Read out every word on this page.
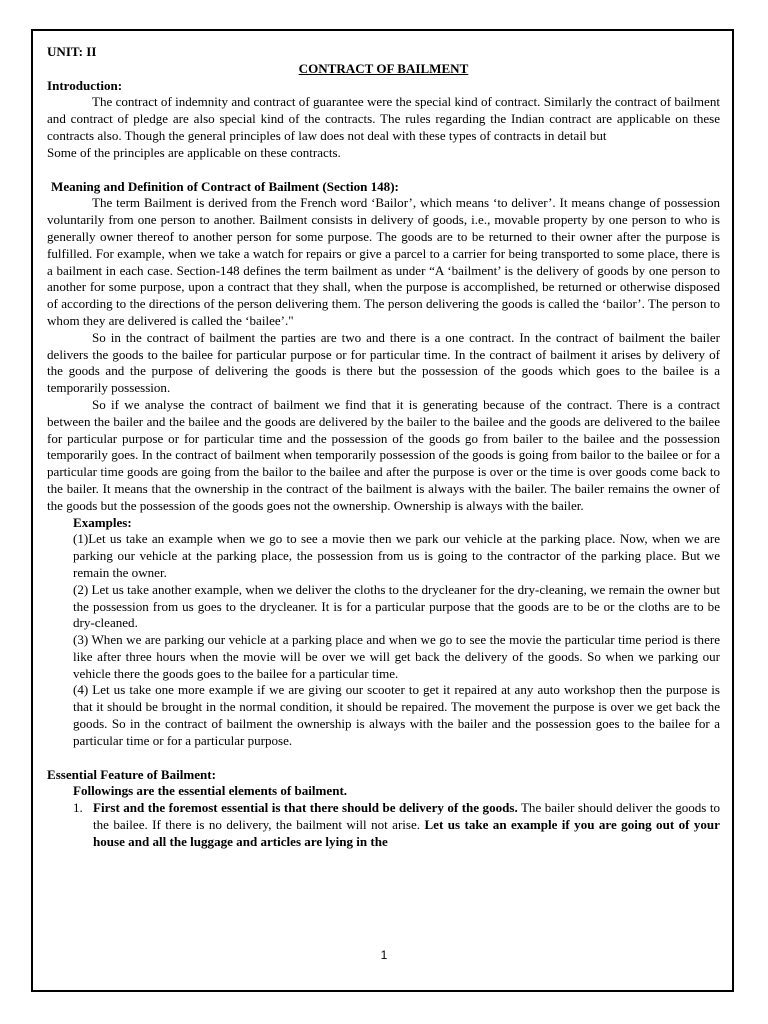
UNIT: II

CONTRACT OF BAILMENT

Introduction:

The contract of indemnity and contract of guarantee were the special kind of contract. Similarly the contract of bailment and contract of pledge are also special kind of the contracts. The rules regarding the Indian contract are applicable on these contracts also. Though the general principles of law does not deal with these types of contracts in detail but

Some of the principles are applicable on these contracts.

Meaning and Definition of Contract of Bailment (Section 148):

The term Bailment is derived from the French word ‘Bailor’, which means ‘to deliver’. It means change of possession voluntarily from one person to another. Bailment consists in delivery of goods, i.e., movable property by one person to who is generally owner thereof to another person for some purpose. The goods are to be returned to their owner after the purpose is fulfilled. For example, when we take a watch for repairs or give a parcel to a carrier for being transported to some place, there is a bailment in each case. Section-148 defines the term bailment as under “A ‘bailment’ is the delivery of goods by one person to another for some purpose, upon a contract that they shall, when the purpose is accomplished, be returned or otherwise disposed of according to the directions of the person delivering them. The person delivering the goods is called the ‘bailor’. The person to whom they are delivered is called the ‘bailee’."

So in the contract of bailment the parties are two and there is a one contract. In the contract of bailment the bailer delivers the goods to the bailee for particular purpose or for particular time. In the contract of bailment it arises by delivery of the goods and the purpose of delivering the goods is there but the possession of the goods which goes to the bailee is a temporarily possession.

So if we analyse the contract of bailment we find that it is generating because of the contract. There is a contract between the bailer and the bailee and the goods are delivered by the bailer to the bailee and the goods are delivered to the bailee for particular purpose or for particular time and the possession of the goods go from bailer to the bailee and the possession temporarily goes. In the contract of bailment when temporarily possession of the goods is going from bailor to the bailee or for a particular time goods are going from the bailor to the bailee and after the purpose is over or the time is over goods come back to the bailer. It means that the ownership in the contract of the bailment is always with the bailer. The bailer remains the owner of the goods but the possession of the goods goes not the ownership. Ownership is always with the bailer.

Examples:

(1)Let us take an example when we go to see a movie then we park our vehicle at the parking place. Now, when we are parking our vehicle at the parking place, the possession from us is going to the contractor of the parking place. But we remain the owner.

(2) Let us take another example, when we deliver the cloths to the drycleaner for the dry-cleaning, we remain the owner but the possession from us goes to the drycleaner. It is for a particular purpose that the goods are to be or the cloths are to be dry-cleaned.

(3) When we are parking our vehicle at a parking place and when we go to see the movie the particular time period is there like after three hours when the movie will be over we will get back the delivery of the goods. So when we parking our vehicle there the goods goes to the bailee for a particular time.

(4) Let us take one more example if we are giving our scooter to get it repaired at any auto workshop then the purpose is that it should be brought in the normal condition, it should be repaired. The movement the purpose is over we get back the goods. So in the contract of bailment the ownership is always with the bailer and the possession goes to the bailee for a particular time or for a particular purpose.

Essential Feature of Bailment:

Followings are the essential elements of bailment.

1. First and the foremost essential is that there should be delivery of the goods. The bailer should deliver the goods to the bailee. If there is no delivery, the bailment will not arise. Let us take an example if you are going out of your house and all the luggage and articles are lying in the
1
